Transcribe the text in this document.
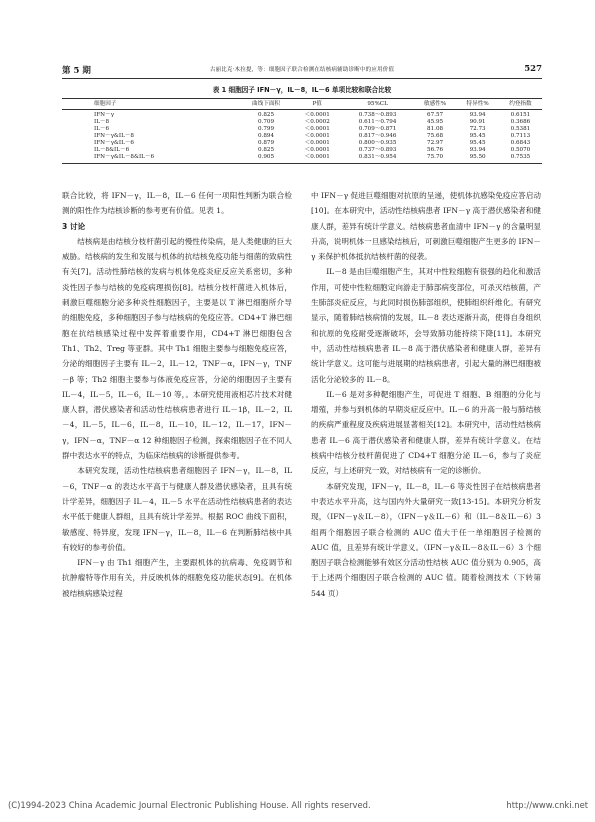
第 5 期	古丽比克·木拉提，等：细胞因子联合检测在结核病辅助诊断中的应用价值	527
表 1 细胞因子 IFN－γ，IL－8，IL－6 单项比较和联合比较
细胞因子	曲线下面积	P值	95%CL	敏感性%	特异性%	约登指数
IFN－γ	0.825	＜0.0001	0.738～0.893	67.57	93.94	0.6151
IL－8	0.709	＜0.0002	0.611～0.794	45.95	90.91	0.3686
IL－6	0.799	＜0.0001	0.709～0.871	81.08	72.73	0.5381
IFN－γ&IL－8	0.894	＜0.0001	0.817～0.946	75.68	95.45	0.7113
IFN－γ&IL－6	0.879	＜0.0001	0.800～0.935	72.97	95.45	0.6843
IL－8&IL－6	0.825	＜0.0001	0.737～0.893	56.76	93.94	0.5070
IFN－γ&IL－8&IL－6	0.905	＜0.0001	0.831～0.954	75.70	95.50	0.7535

联合比较，将 IFN－γ，IL－8，IL－6 任何一项阳性判断为联合检测的阳性作为结核诊断的参考更有价值。见表 1。

3 讨论

结核病是由结核分枝杆菌引起的慢性传染病，是人类健康的巨大威胁。结核病的发生和发展与机体的抗结核免疫功能与细菌的致病性有关[7]。活动性肺结核的发病与机体免疫炎症反应关系密切，多种炎性因子参与结核的免疫病理损伤[8]。结核分枝杆菌进入机体后，刺激巨噬细胞分泌多种炎性细胞因子，主要是以 T 淋巴细胞所介导的细胞免疫，多种细胞因子参与结核病的免疫应答。CD4+T 淋巴细胞在抗结核感染过程中发挥着重要作用，CD4+T 淋巴细胞包含 Th1、Th2、Treg 等亚群。其中 Th1 细胞主要参与细胞免疫应答，分泌的细胞因子主要有 IL－2，IL－12，TNF－α，IFN－γ，TNF－β 等；Th2 细胞主要参与体液免疫应答，分泌的细胞因子主要有 IL－4，IL－5，IL－6，IL－10 等，。本研究使用液相芯片技术对健康人群，潜伏感染者和活动性结核病患者进行 IL－1β，IL－2，IL－4，IL－5，IL－6，IL－8，IL－10，IL－12，IL－17，IFN－γ，IFN－α，TNF－α 12 种细胞因子检测，探索细胞因子在不同人群中表达水平的特点，为临床结核病的诊断提供参考。

本研究发现，活动性结核病患者细胞因子 IFN－γ，IL－8，IL－6，TNF－α 的表达水平高于与健康人群及潜伏感染者，且具有统计学差异，细胞因子 IL－4，IL－5 水平在活动性结核病患者的表达水平低于健康人群组，且具有统计学差异。根据 ROC 曲线下面积，敏感度、特异度，发现 IFN－γ，IL－8，IL－6 在判断肺结核中具有较好的参考价值。

IFN－γ 由 Th1 细胞产生，主要跟机体的抗病毒、免疫调节和抗肿瘤特等作用有关，并反映机体的细胞免疫功能状态[9]。在机体被结核病感染过程

中 IFN－γ 促进巨噬细胞对抗原的呈递，使机体抗感染免疫应答启动[10]。在本研究中，活动性结核病患者 IFN－γ 高于潜伏感染者和健康人群，差异有统计学意义。结核病患者血清中 IFN－γ 的含量明显升高，说明机体一旦感染结核后，可刺激巨噬细胞产生更多的 IFN－γ 来保护机体抵抗结核杆菌的侵袭。

IL－8 是由巨噬细胞产生，其对中性粒细胞有很强的趋化和激活作用，可使中性粒细胞定向游走于肺部病变部位，可杀灭结核菌，产生肺部炎症反应，与此同时损伤肺部组织，使肺组织纤维化。有研究显示，随着肺结核病情的发展，IL－8 表达逐渐升高，使得自身组织和抗原的免疫耐受逐渐破坏，会导致肺功能持续下降[11]。本研究中，活动性结核病患者 IL－8 高于潜伏感染者和健康人群，差异有统计学意义。这可能与进展期的结核病患者，引起大量的淋巴细胞被活化分泌较多的 IL－8。

IL－6 是对多种靶细胞产生，可促进 T 细胞、B 细胞的分化与增殖，并参与到机体的早期炎症反应中。IL－6 的升高一般与肺结核的疾病严重程度及疾病进展显著相关[12]。本研究中，活动性结核病患者 IL－6 高于潜伏感染者和健康人群，差异有统计学意义。在结核病中结核分枝杆菌促进了 CD4+T 细胞分泌 IL－6，参与了炎症反应，与上述研究一致，对结核病有一定的诊断价。

本研究发现，IFN－γ，IL－8，IL－6 等炎性因子在结核病患者中表达水平升高，这与国内外大量研究一致[13-15]。本研究分析发现，（IFN－γ＆IL－8），（IFN－γ＆IL－6）和（IL－8＆IL－6）3 组两个细胞因子联合检测的 AUC 值大于任一单细胞因子检测的 AUC 值，且差异有统计学意义。（IFN－γ＆IL－8＆IL－6）3 个细胞因子联合检测能够有效区分活动性结核 AUC 值分别为 0.905，高于上述两个细胞因子联合检测的 AUC 值。随着检测技术（下转第 544 页）

(C)1994-2023 China Academic Journal Electronic Publishing House. All rights reserved.	http://www.cnki.net
